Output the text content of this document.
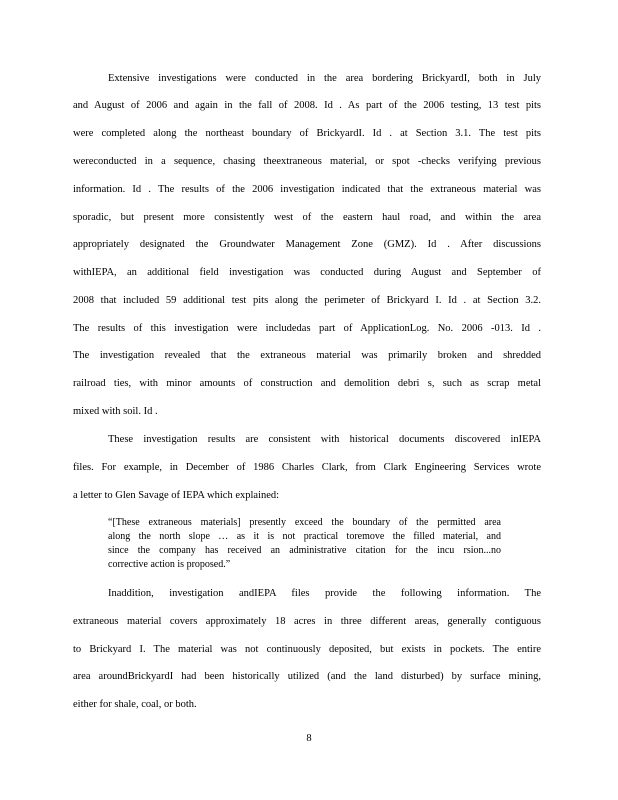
Extensive investigations were conducted in the area bordering BrickyardI, both in July
and August of 2006 and again in the fall of 2008. Id . As part of the 2006 testing, 13 test pits
were completed along the northeast boundary of BrickyardI. Id . at Section 3.1. The test pits
wereconducted in a sequence, chasing theextraneous material, or spot -checks verifying previous
information. Id . The results of the 2006 investigation indicated that the extraneous material was
sporadic, but present more consistently west of the eastern haul road, and within the area
appropriately designated the Groundwater Management Zone (GMZ). Id . After discussions
withIEPA, an additional field investigation was conducted during August and September of
2008 that included 59 additional test pits along the perimeter of Brickyard I. Id . at Section 3.2.
The results of this investigation were includedas part of ApplicationLog. No. 2006 -013. Id .
The investigation revealed that the extraneous material was primarily broken and shredded
railroad ties, with minor amounts of construction and demolition debri s, such as scrap metal
mixed with soil. Id .
These investigation results are consistent with historical documents discovered inIEPA
files. For example, in December of 1986 Charles Clark, from Clark Engineering Services wrote
a letter to Glen Savage of IEPA which explained:
“[These extraneous materials] presently exceed the boundary of the permitted area
along the north slope … as it is not practical toremove the filled material, and
since the company has received an administrative citation for the incu rsion...no
corrective action is proposed.”
Inaddition, investigation andIEPA files provide the following information. The
extraneous material covers approximately 18 acres in three different areas, generally contiguous
to Brickyard I. The material was not continuously deposited, but exists in pockets. The entire
area aroundBrickyardI had been historically utilized (and the land disturbed) by surface mining,
either for shale, coal, or both.
8
